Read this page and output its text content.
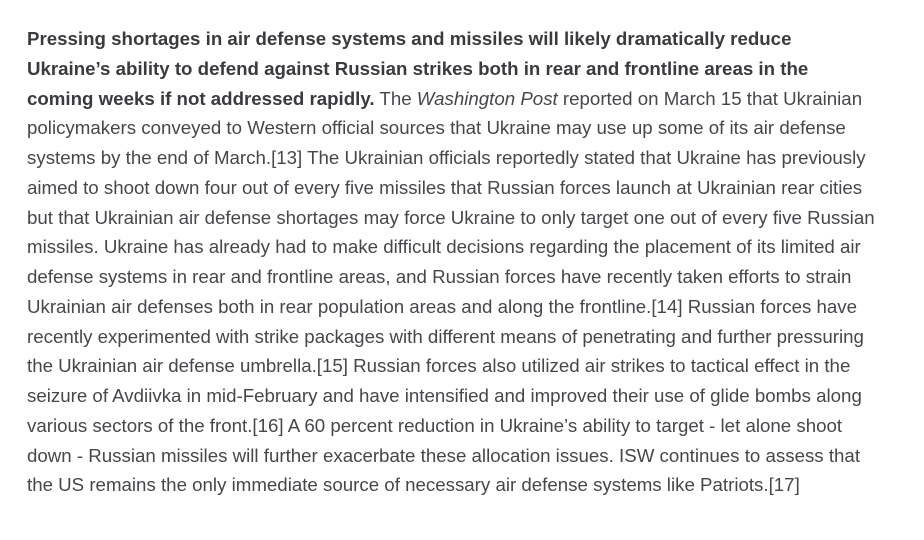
Pressing shortages in air defense systems and missiles will likely dramatically reduce
Ukraine’s ability to defend against Russian strikes both in rear and frontline areas in the
coming weeks if not addressed rapidly. The Washington Post reported on March 15 that Ukrainian
policymakers conveyed to Western official sources that Ukraine may use up some of its air defense
systems by the end of March.[13] The Ukrainian officials reportedly stated that Ukraine has previously
aimed to shoot down four out of every five missiles that Russian forces launch at Ukrainian rear cities
but that Ukrainian air defense shortages may force Ukraine to only target one out of every five Russian
missiles. Ukraine has already had to make difficult decisions regarding the placement of its limited air
defense systems in rear and frontline areas, and Russian forces have recently taken efforts to strain
Ukrainian air defenses both in rear population areas and along the frontline.[14] Russian forces have
recently experimented with strike packages with different means of penetrating and further pressuring
the Ukrainian air defense umbrella.[15] Russian forces also utilized air strikes to tactical effect in the
seizure of Avdiivka in mid-February and have intensified and improved their use of glide bombs along
various sectors of the front.[16] A 60 percent reduction in Ukraine’s ability to target - let alone shoot
down - Russian missiles will further exacerbate these allocation issues. ISW continues to assess that
the US remains the only immediate source of necessary air defense systems like Patriots.[17]
